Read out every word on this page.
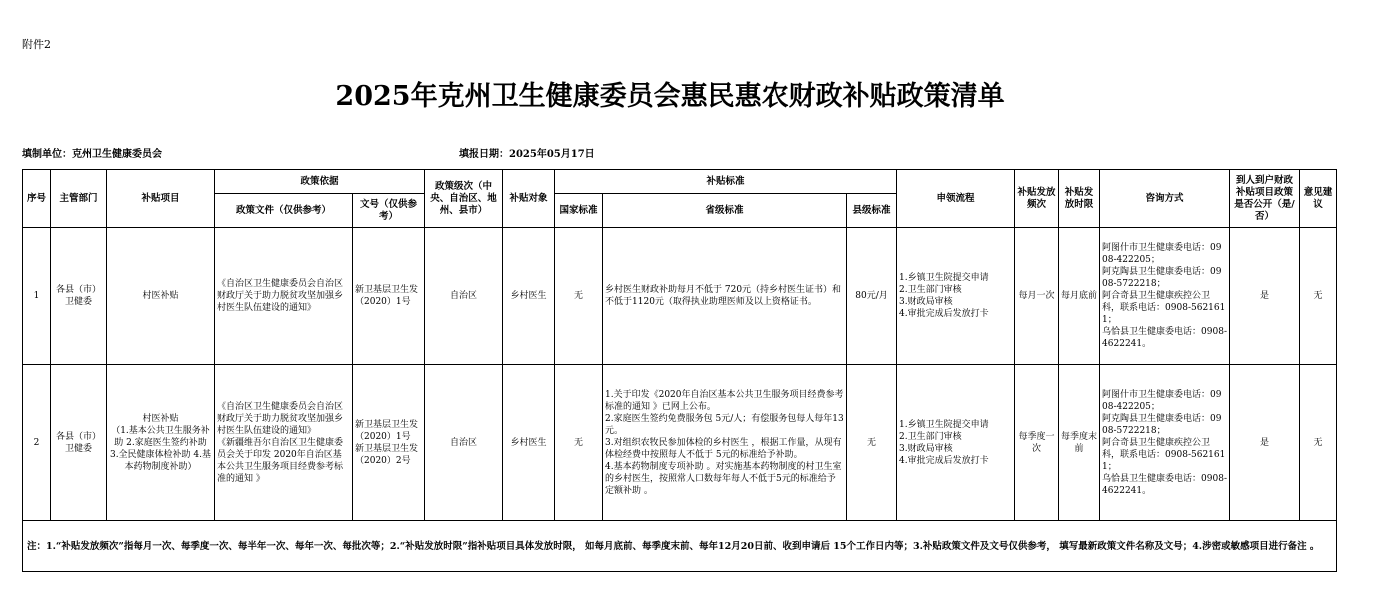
附件2
2025年克州卫生健康委员会惠民惠农财政补贴政策清单
填制单位：克州卫生健康委员会	填报日期：2025年05月17日
序号	主管部门	补贴项目	政策依据		政策级次（中央、自治区、地州、县市）	补贴对象	补贴标准			申领流程	补贴发放频次	补贴发放时限	咨询方式	到人到户财政补贴项目政策是否公开（是/否）	意见建议
			政策文件（仅供参考）	文号（仅供参考）			国家标准	省级标准	县级标准						
1	各县（市）卫健委	村医补贴	《自治区卫生健康委员会自治区财政厅关于助力脱贫攻坚加强乡村医生队伍建设的通知》	新卫基层卫生发（2020）1号	自治区	乡村医生	无	乡村医生财政补助每月不低于 720元（持乡村医生证书）和不低于1120元（取得执业助理医师及以上资格证书。	80元/月	1.乡镇卫生院提交申请
2.卫生部门审核
3.财政局审核
4.审批完成后发放打卡	每月一次	每月底前	阿图什市卫生健康委电话：0908-422205；
阿克陶县卫生健康委电话：0908-5722218；
阿合奇县卫生健康疾控公卫科，联系电话：0908-5621611；
乌恰县卫生健康委电话：0908-4622241。	是	无
2	各县（市）卫健委	村医补贴
（1.基本公共卫生服务补助 2.家庭医生签约补助 3.全民健康体检补助 4.基本药物制度补助）	《自治区卫生健康委员会自治区财政厅关于助力脱贫攻坚加强乡村医生队伍建设的通知》
《新疆维吾尔自治区卫生健康委员会关于印发 2020年自治区基本公共卫生服务项目经费参考标准的通知 》	新卫基层卫生发（2020）1号
新卫基层卫生发（2020）2号	自治区	乡村医生	无	1.关于印发《2020年自治区基本公共卫生服务项目经费参考标准的通知 》已网上公布。
2.家庭医生签约免费服务包 5元/人；有偿服务包每人每年13元。
3.对组织农牧民参加体检的乡村医生 ，根据工作量，从现有体检经费中按照每人不低于 5元的标准给予补助。
4.基本药物制度专项补助 。对实施基本药物制度的村卫生室的乡村医生，按照常人口数每年每人不低于5元的标准给予定额补助 。	无	1.乡镇卫生院提交申请
2.卫生部门审核
3.财政局审核
4.审批完成后发放打卡	每季度一次	每季度末前	阿图什市卫生健康委电话：0908-422205；
阿克陶县卫生健康委电话：0908-5722218；
阿合奇县卫生健康疾控公卫科，联系电话：0908-5621611；
乌恰县卫生健康委电话：0908-4622241。	是	无
注：1.“补贴发放频次”指每月一次、每季度一次、每半年一次、每年一次、每批次等；2.“补贴发放时限”指补贴项目具体发放时限， 如每月底前、每季度末前、每年12月20日前、收到申请后 15个工作日内等；3.补贴政策文件及文号仅供参考， 填写最新政策文件名称及文号；4.涉密或敏感项目进行备注 。															
